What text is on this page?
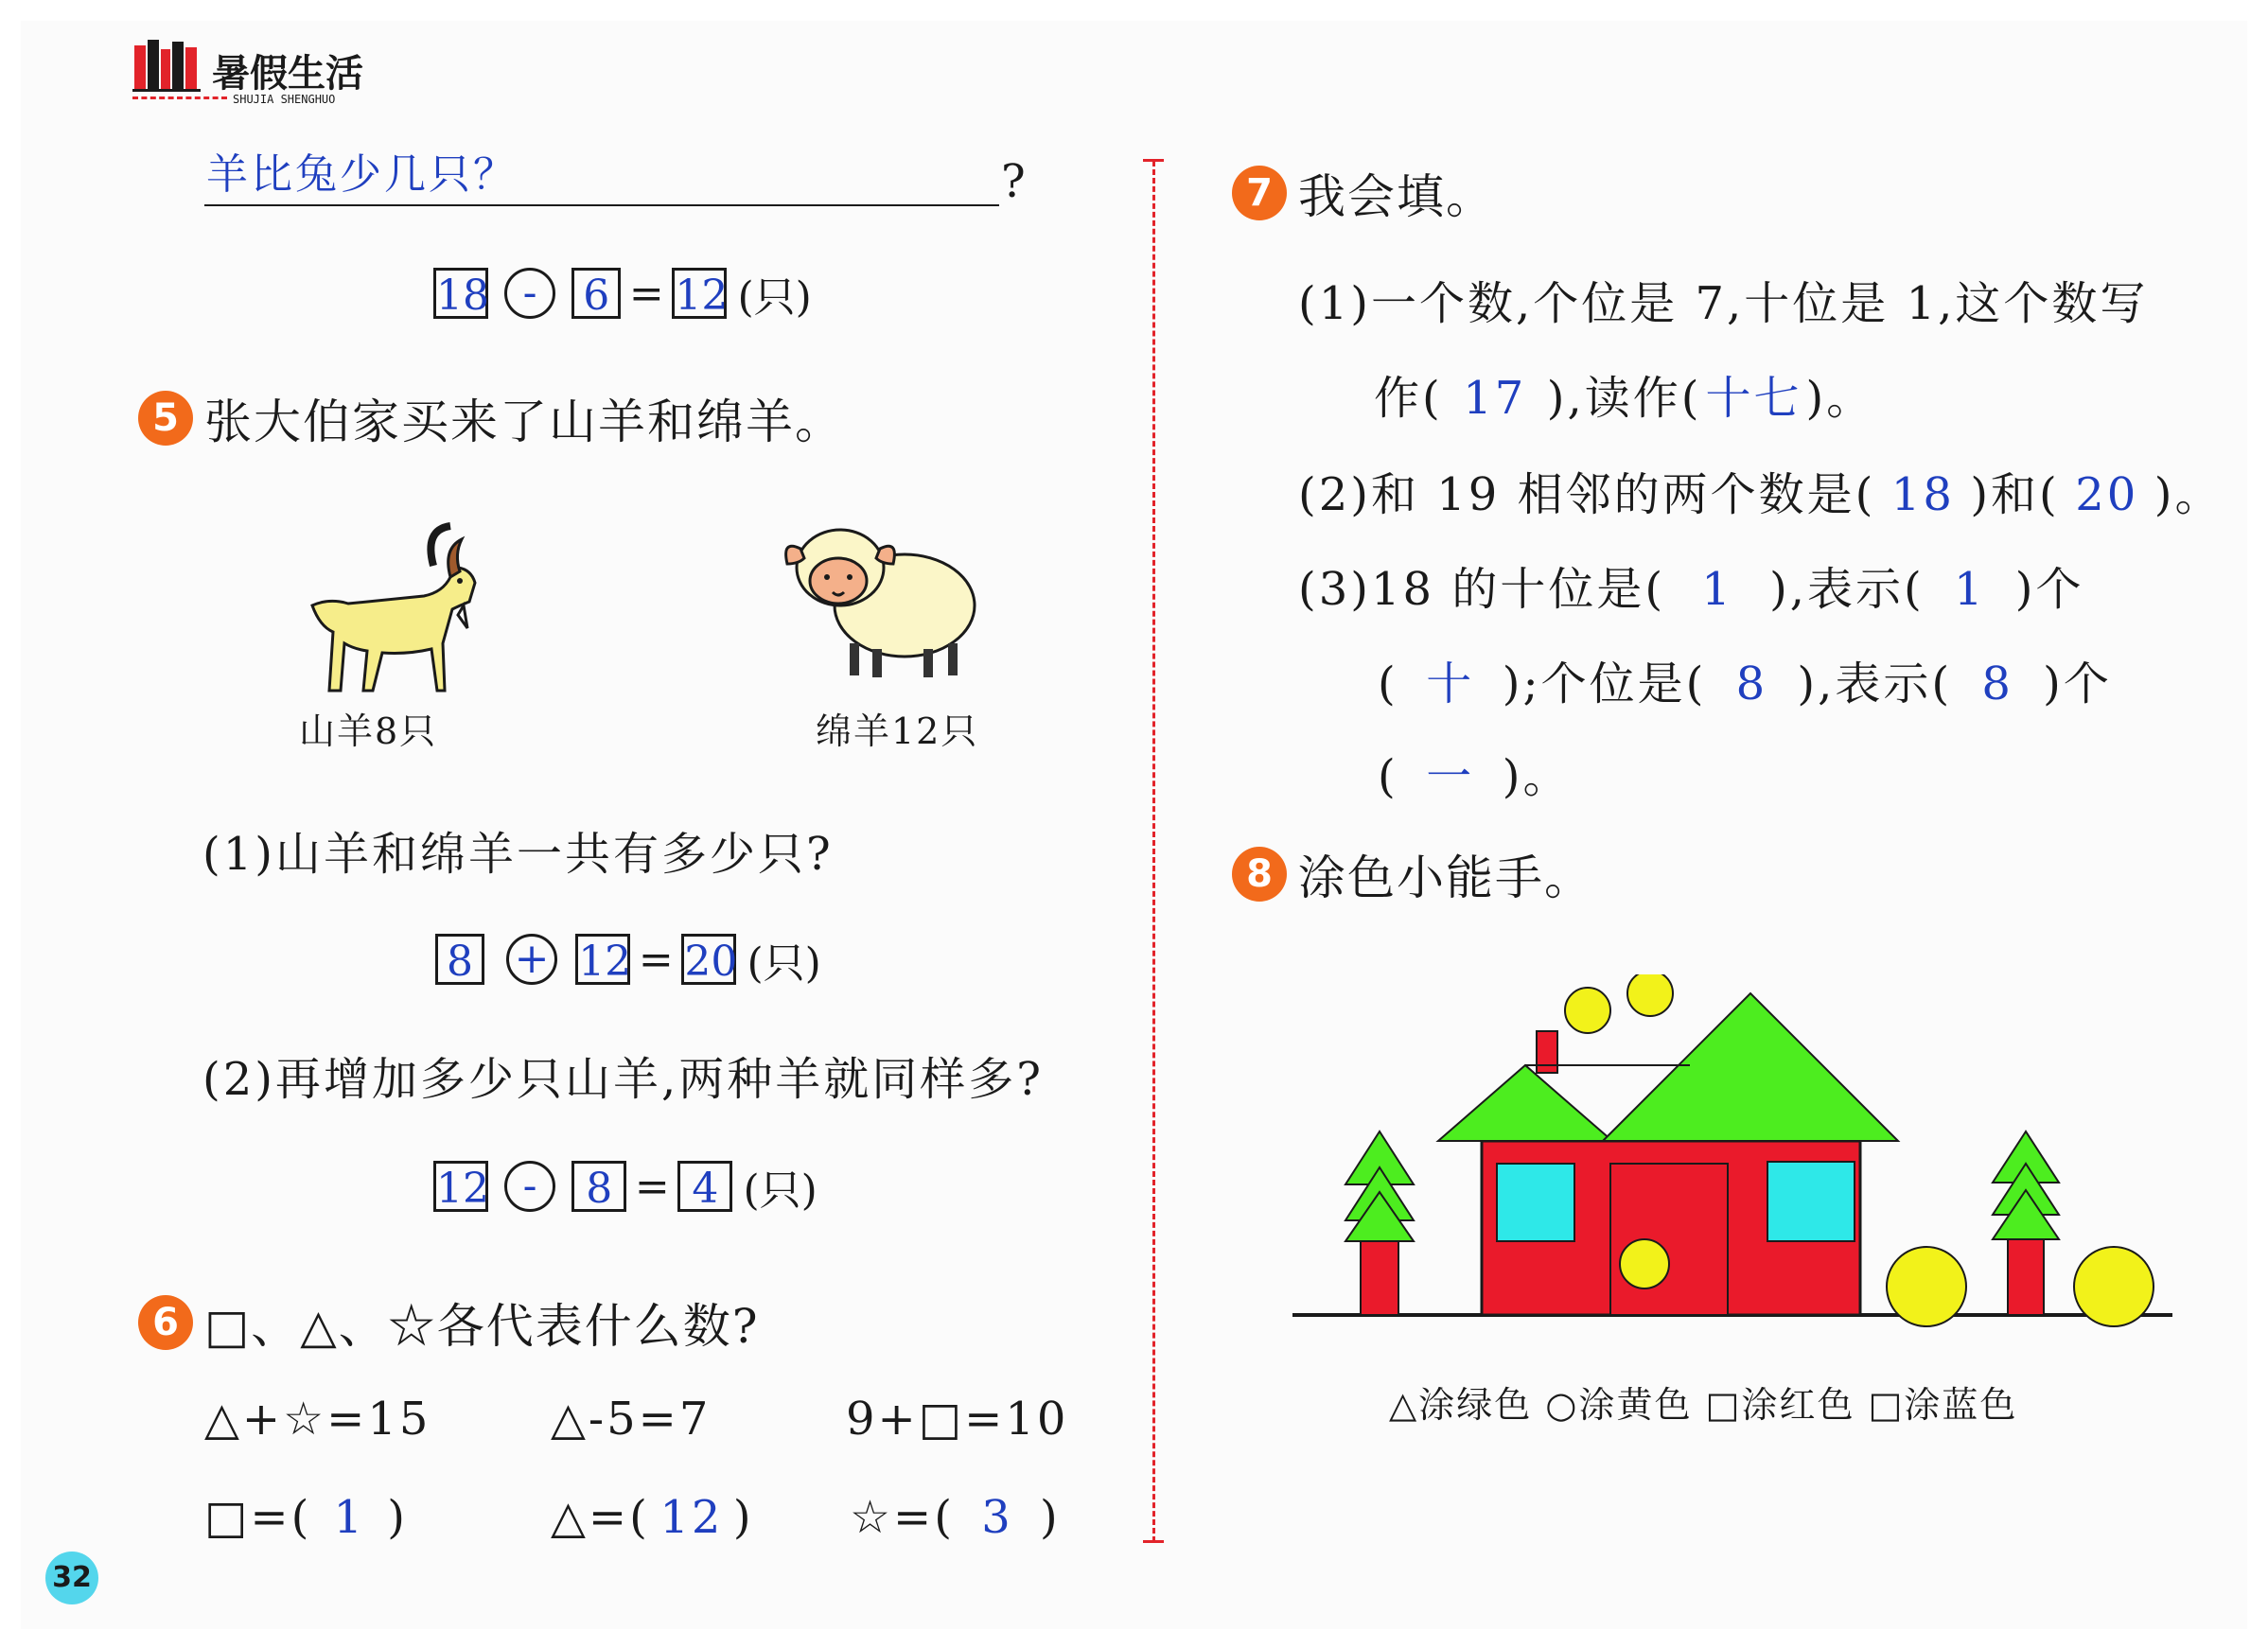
暑假生活
SHUJIA SHENGHUO
羊比兔少几只？	?
18 - 6 = 12 (只)
5 张大伯家买来了山羊和绵羊。
山羊8只	绵羊12只
(1)山羊和绵羊一共有多少只?
8 + 12 = 20 (只)
(2)再增加多少只山羊,两种羊就同样多?
12 - 8 = 4 (只)
6 □、△、☆各代表什么数?
△+☆=15	△-5=7	9+□=10
□=( 1 )	△=( 12 ) ☆=( 3 )
32
7 我会填。
(1)一个数,个位是 7,十位是 1,这个数写
作( 17 ),读作(十七)。
(2)和 19 相邻的两个数是( 18 )和( 20 )。
(3)18 的十位是( 1 ),表示( 1 )个
( 十 );个位是( 8 ),表示( 8 )个
( 一 )。
8 涂色小能手。
△涂绿色 ○涂黄色 □涂红色 □涂蓝色
